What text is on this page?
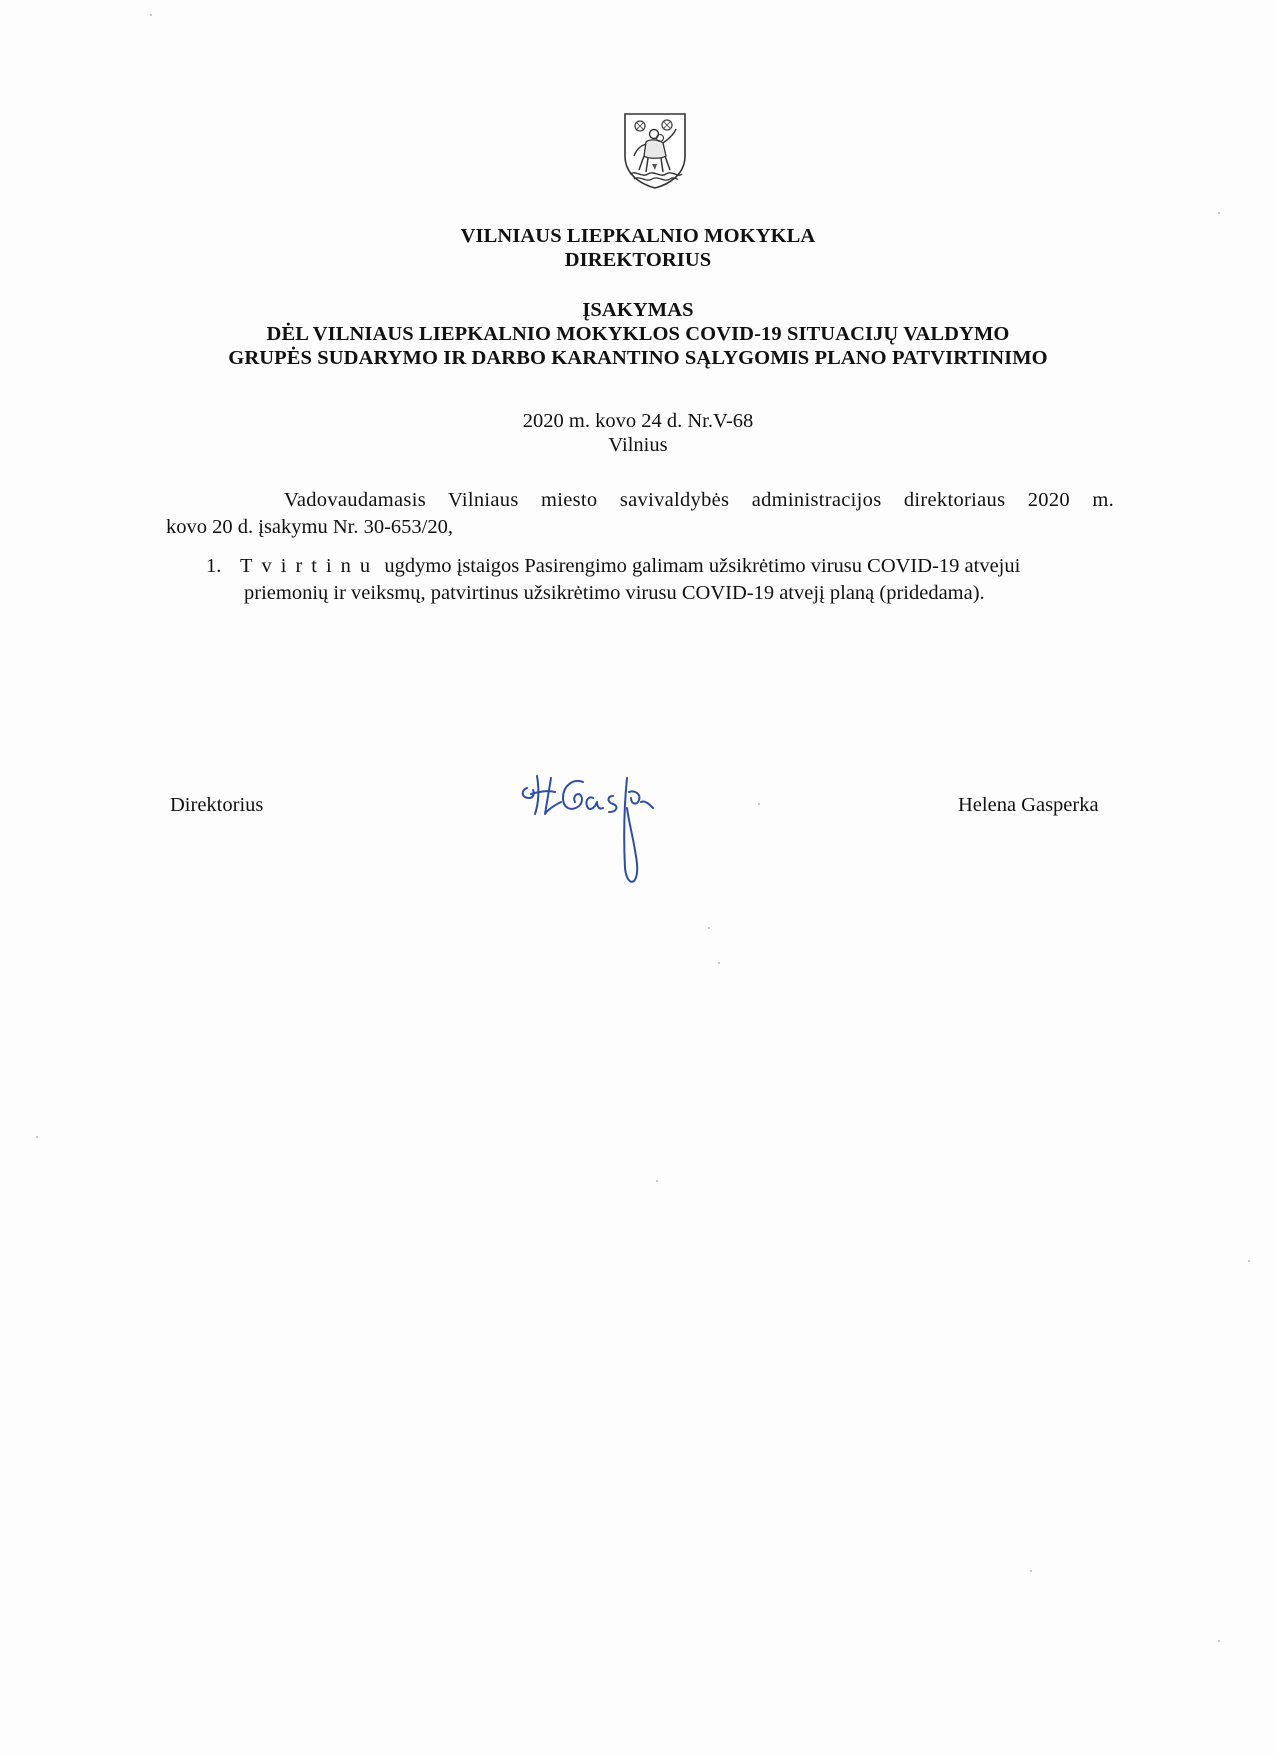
VILNIAUS LIEPKALNIO MOKYKLA
DIREKTORIUS
ĮSAKYMAS
DĖL VILNIAUS LIEPKALNIO MOKYKLOS COVID-19 SITUACIJŲ VALDYMO
GRUPĖS SUDARYMO IR DARBO KARANTINO SĄLYGOMIS PLANO PATVIRTINIMO
2020 m. kovo 24 d. Nr.V-68
Vilnius
Vadovaudamasis Vilniaus miesto savivaldybės administracijos direktoriaus 2020 m.
kovo 20 d. įsakymu Nr. 30-653/20,
1. Tvirtinu ugdymo įstaigos Pasirengimo galimam užsikrėtimo virusu COVID-19 atvejui
priemonių ir veiksmų, patvirtinus užsikrėtimo virusu COVID-19 atvejį planą (pridedama).
Direktorius	Helena Gasperka
